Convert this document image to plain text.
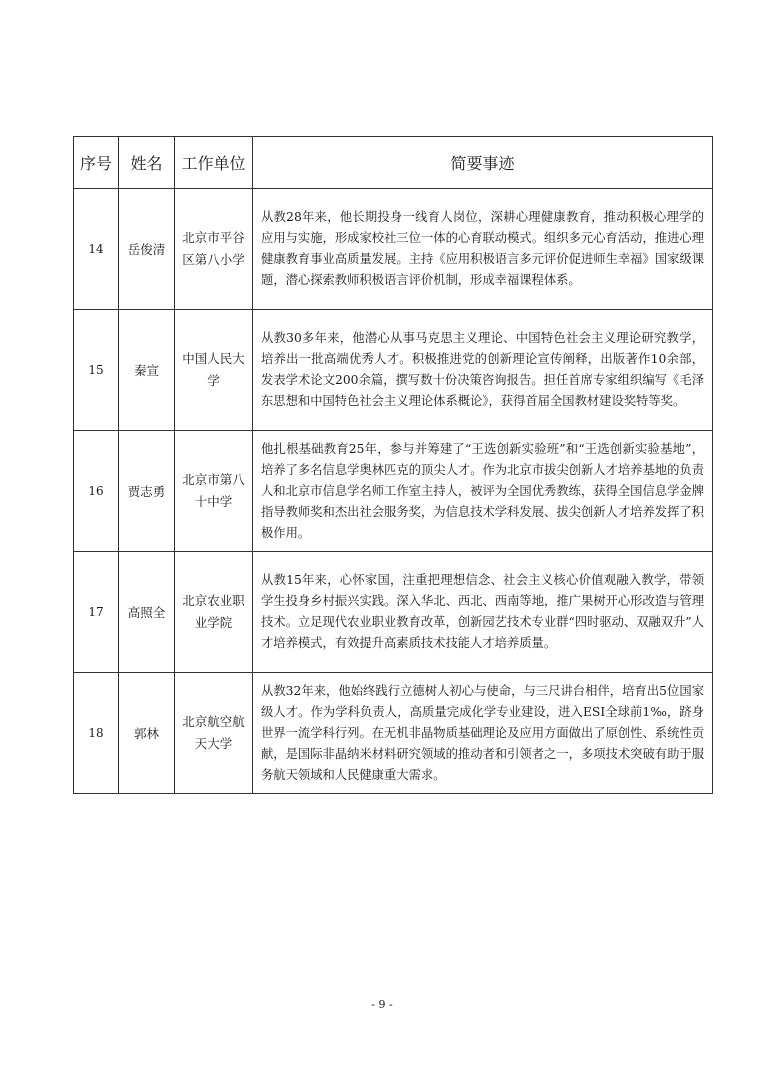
序号	姓名	工作单位	简要事迹
14	岳俊清	北京市平谷区第八小学	从教28年来，他长期投身一线育人岗位，深耕心理健康教育，推动积极心理学的应用与实施，形成家校社三位一体的心育联动模式。组织多元心育活动，推进心理健康教育事业高质量发展。主持《应用积极语言多元评价促进师生幸福》国家级课题，潜心探索教师积极语言评价机制，形成幸福课程体系。
15	秦宣	中国人民大学	从教30多年来，他潜心从事马克思主义理论、中国特色社会主义理论研究教学，培养出一批高端优秀人才。积极推进党的创新理论宣传阐释，出版著作10余部，发表学术论文200余篇，撰写数十份决策咨询报告。担任首席专家组织编写《毛泽东思想和中国特色社会主义理论体系概论》，获得首届全国教材建设奖特等奖。
16	贾志勇	北京市第八十中学	他扎根基础教育25年，参与并筹建了“王选创新实验班”和“王选创新实验基地”，培养了多名信息学奥林匹克的顶尖人才。作为北京市拔尖创新人才培养基地的负责人和北京市信息学名师工作室主持人，被评为全国优秀教练，获得全国信息学金牌指导教师奖和杰出社会服务奖，为信息技术学科发展、拔尖创新人才培养发挥了积极作用。
17	高照全	北京农业职业学院	从教15年来，心怀家国，注重把理想信念、社会主义核心价值观融入教学，带领学生投身乡村振兴实践。深入华北、西北、西南等地，推广果树开心形改造与管理技术。立足现代农业职业教育改革，创新园艺技术专业群“四时驱动、双融双升”人才培养模式，有效提升高素质技术技能人才培养质量。
18	郭林	北京航空航天大学	从教32年来，他始终践行立德树人初心与使命，与三尺讲台相伴，培育出5位国家级人才。作为学科负责人，高质量完成化学专业建设，进入ESI全球前1‰，跻身世界一流学科行列。在无机非晶物质基础理论及应用方面做出了原创性、系统性贡献，是国际非晶纳米材料研究领域的推动者和引领者之一，多项技术突破有助于服务航天领域和人民健康重大需求。
- 9 -
